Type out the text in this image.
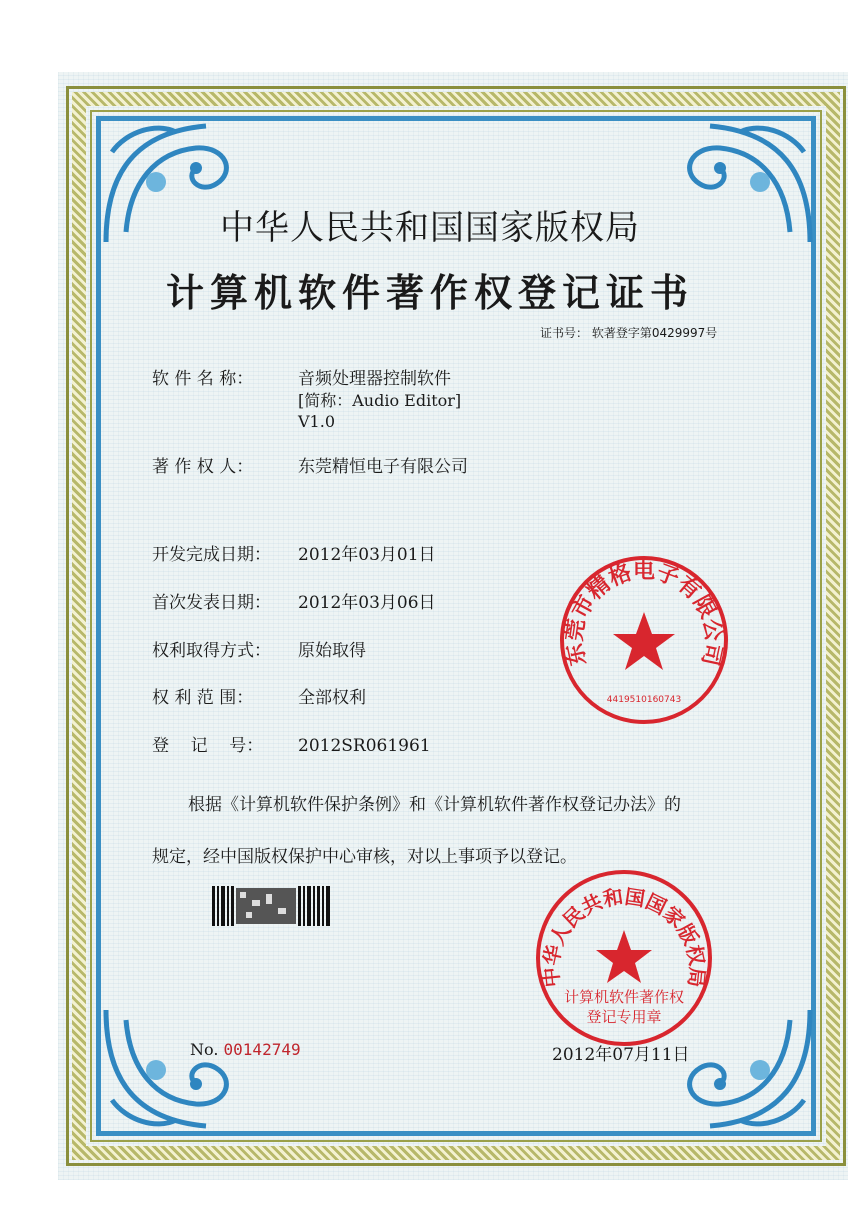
中华人民共和国国家版权局
计算机软件著作权登记证书
证书号： 软著登字第0429997号
软 件 名 称：	音频处理器控制软件
[简称：Audio Editor]
V1.0
著 作 权 人：	东莞精恒电子有限公司
开发完成日期： 2012年03月01日
首次发表日期： 2012年03月06日
权利取得方式： 原始取得
权 利 范 围：	全部权利
登    记    号： 2012SR061961
根据《计算机软件保护条例》和《计算机软件著作权登记办法》的
规定，经中国版权保护中心审核，对以上事项予以登记。
No. 00142749	2012年07月11日
东莞市精格电子有限公司
4419510160743
中华人民共和国国家版权局
计算机软件著作权
登记专用章
